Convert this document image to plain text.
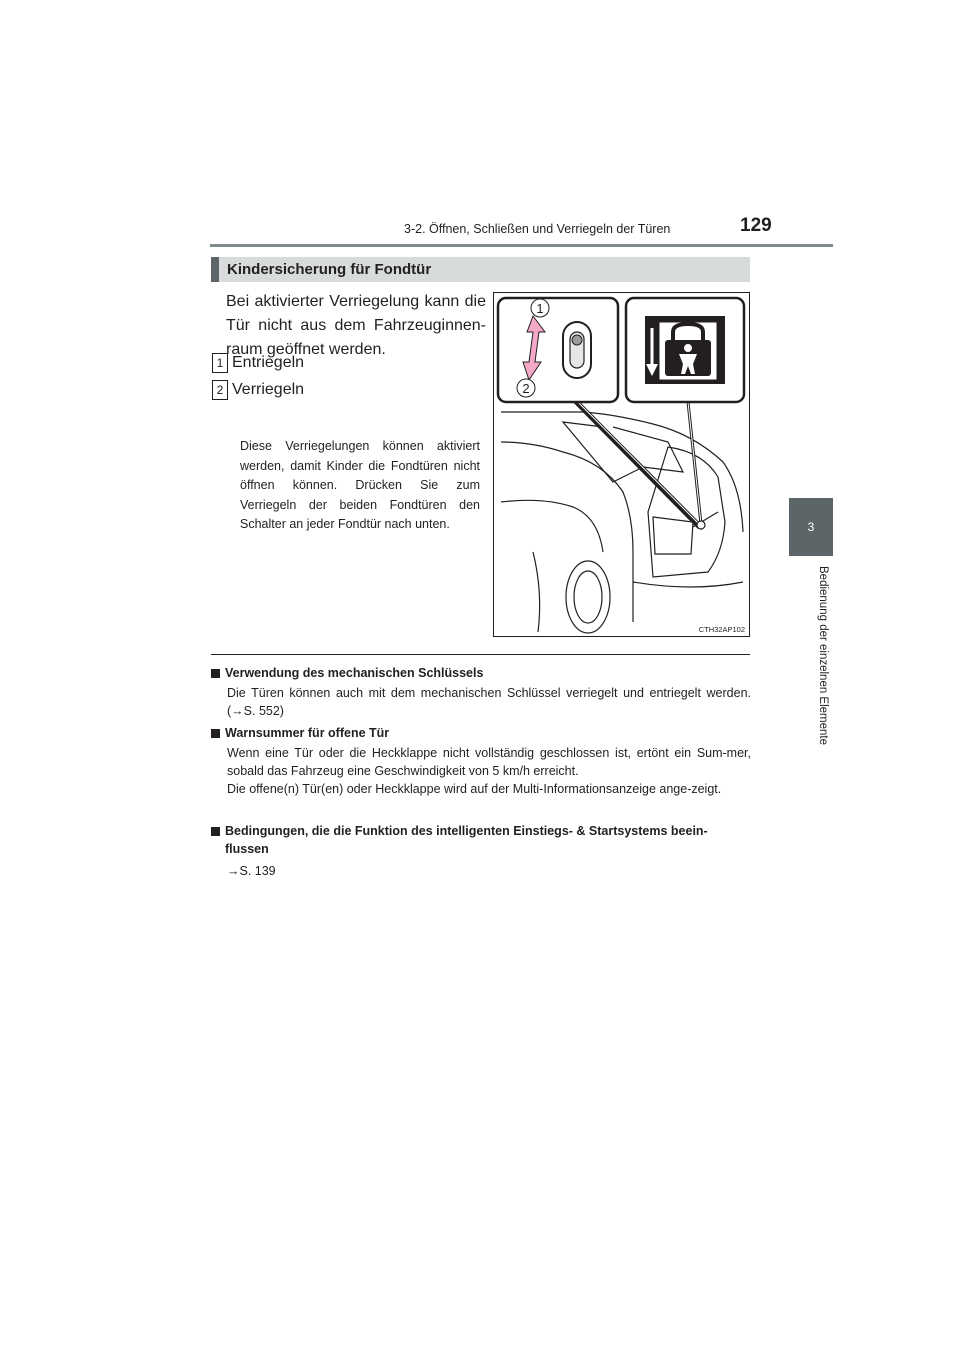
3-2. Öffnen, Schließen und Verriegeln der Türen	129
3
Bedienung der einzelnen Elemente
Kindersicherung für Fondtür

Bei aktivierter Verriegelung kann die Tür nicht aus dem Fahrzeuginnen-raum geöffnet werden.

1 Entriegeln
2 Verriegeln

Diese Verriegelungen können aktiviert werden, damit Kinder die Fondtüren nicht öffnen können. Drücken Sie zum Verriegeln der beiden Fondtüren den Schalter an jeder Fondtür nach unten.

1
2
CTH32AP102
Verwendung des mechanischen Schlüssels

Die Türen können auch mit dem mechanischen Schlüssel verriegelt und entriegelt werden. (→S. 552)

Warnsummer für offene Tür

Wenn eine Tür oder die Heckklappe nicht vollständig geschlossen ist, ertönt ein Sum-mer, sobald das Fahrzeug eine Geschwindigkeit von 5 km/h erreicht.

Die offene(n) Tür(en) oder Heckklappe wird auf der Multi-Informationsanzeige ange-zeigt.

Bedingungen, die die Funktion des intelligenten Einstiegs- & Startsystems beein-flussen

→S. 139
